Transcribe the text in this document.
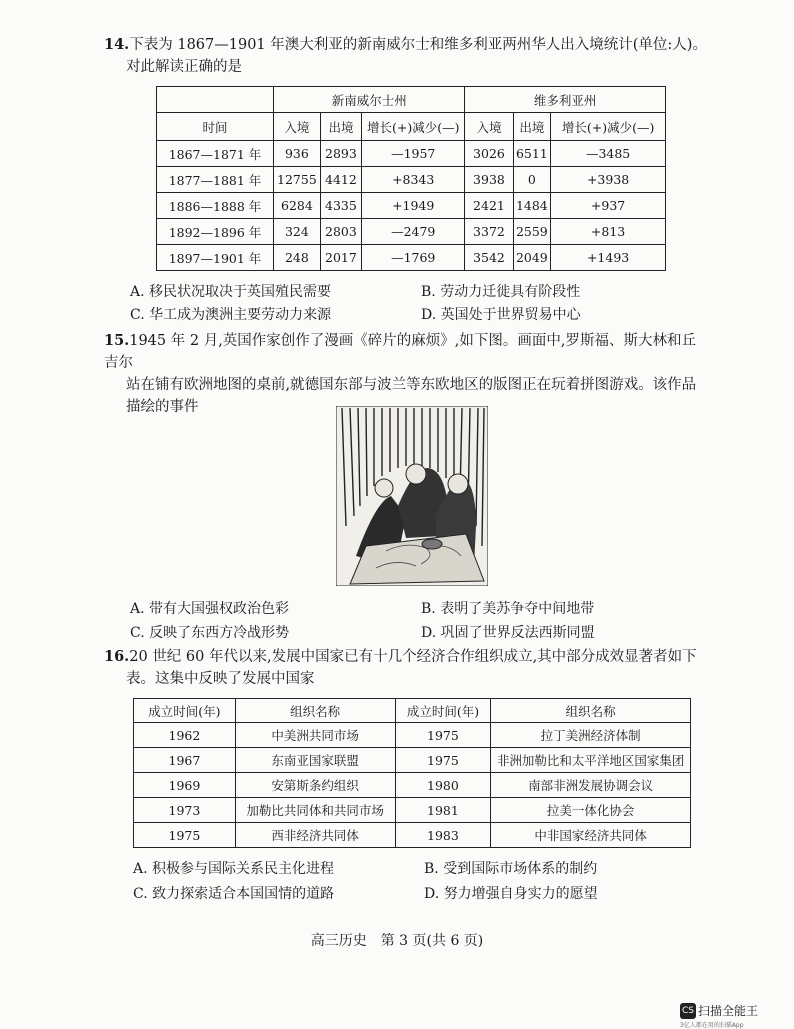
14.下表为 1867—1901 年澳大利亚的新南威尔士和维多利亚两州华人出入境统计(单位:人)。
对此解读正确的是
	新南威尔士州			维多利亚州		
时间	入境	出境	增长(+)减少(—)	入境	出境	增长(+)减少(—)
1867—1871 年	936	2893	—1957	3026	6511	—3485
1877—1881 年	12755	4412	+8343	3938	0	+3938
1886—1888 年	6284	4335	+1949	2421	1484	+937
1892—1896 年	324	2803	—2479	3372	2559	+813
1897—1901 年	248	2017	—1769	3542	2049	+1493
A. 移民状况取决于英国殖民需要	B. 劳动力迁徙具有阶段性
C. 华工成为澳洲主要劳动力来源	D. 英国处于世界贸易中心
15.1945 年 2 月,英国作家创作了漫画《碎片的麻烦》,如下图。画面中,罗斯福、斯大林和丘吉尔
站在铺有欧洲地图的桌前,就德国东部与波兰等东欧地区的版图正在玩着拼图游戏。该作品
描绘的事件
A. 带有大国强权政治色彩	B. 表明了美苏争夺中间地带
C. 反映了东西方冷战形势	D. 巩固了世界反法西斯同盟
16.20 世纪 60 年代以来,发展中国家已有十几个经济合作组织成立,其中部分成效显著者如下
表。这集中反映了发展中国家
成立时间(年)	组织名称	成立时间(年)	组织名称
1962	中美洲共同市场	1975	拉丁美洲经济体制
1967	东南亚国家联盟	1975	非洲加勒比和太平洋地区国家集团
1969	安第斯条约组织	1980	南部非洲发展协调会议
1973	加勒比共同体和共同市场	1981	拉美一体化协会
1975	西非经济共同体	1983	中非国家经济共同体
A. 积极参与国际关系民主化进程	B. 受到国际市场体系的制约
C. 致力探索适合本国国情的道路	D. 努力增强自身实力的愿望
高三历史　第 3 页(共 6 页)
CS 扫描全能王
3亿人都在用的扫描App
